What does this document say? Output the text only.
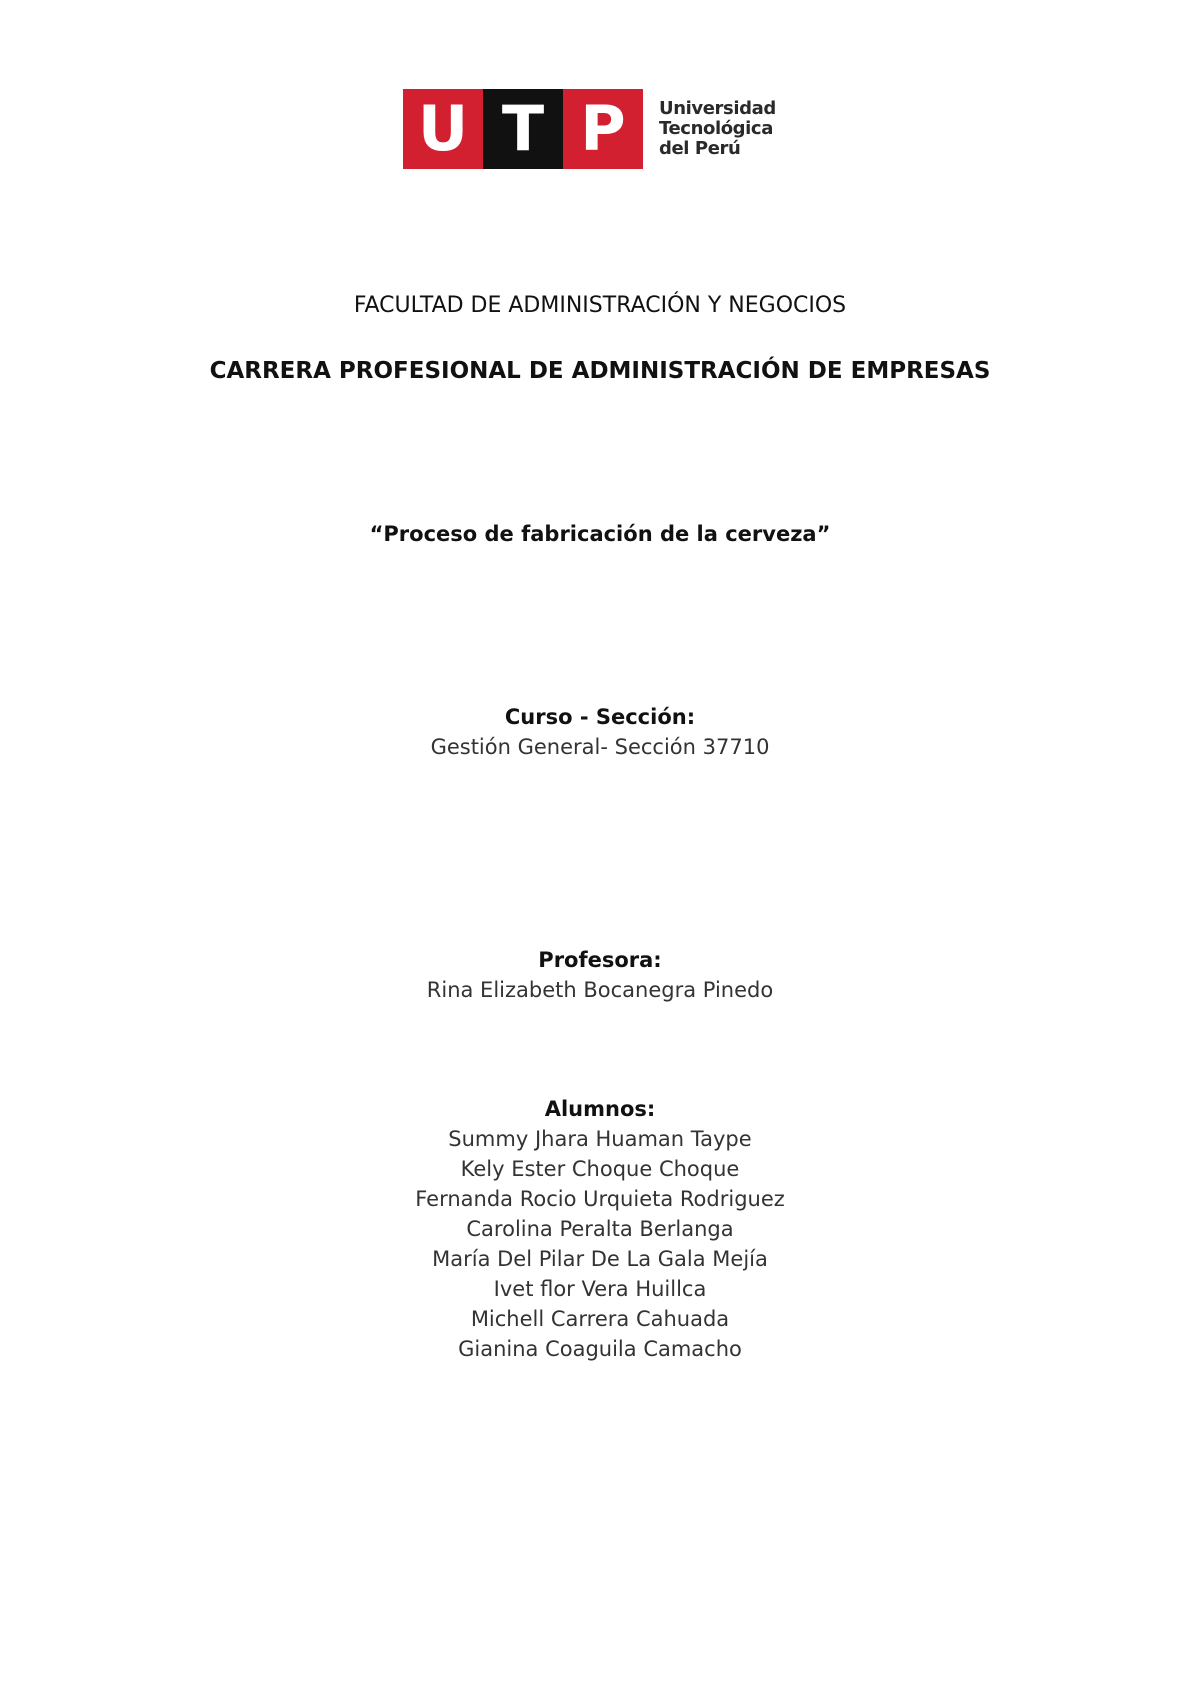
U T P	Universidad
Tecnológica
del Perú
FACULTAD DE ADMINISTRACIÓN Y NEGOCIOS
CARRERA PROFESIONAL DE ADMINISTRACIÓN DE EMPRESAS
“Proceso de fabricación de la cerveza”
Curso - Sección:
Gestión General- Sección 37710
Profesora:
Rina Elizabeth Bocanegra Pinedo
Alumnos:
Summy Jhara Huaman Taype
Kely Ester Choque Choque
Fernanda Rocio Urquieta Rodriguez
Carolina Peralta Berlanga
María Del Pilar De La Gala Mejía
Ivet flor Vera Huillca
Michell Carrera Cahuada
Gianina Coaguila Camacho
